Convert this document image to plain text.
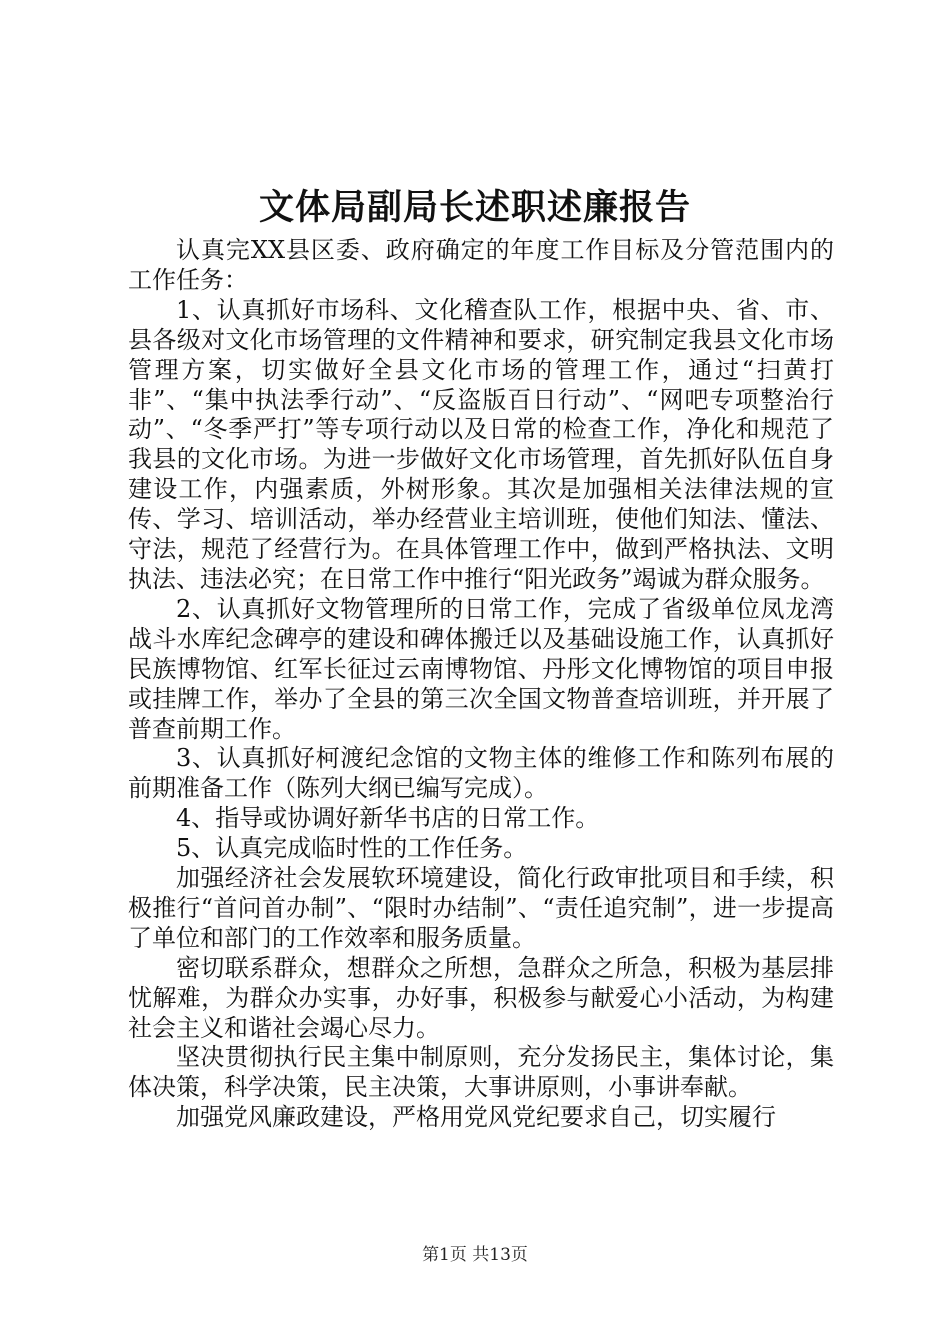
文体局副局长述职述廉报告

认真完XX县区委、政府确定的年度工作目标及分管范围内的工作任务：

1、认真抓好市场科、文化稽查队工作，根据中央、省、市、县各级对文化市场管理的文件精神和要求，研究制定我县文化市场管理方案，切实做好全县文化市场的管理工作，通过“扫黄打非”、“集中执法季行动”、“反盗版百日行动”、“网吧专项整治行动”、“冬季严打”等专项行动以及日常的检查工作，净化和规范了我县的文化市场。为进一步做好文化市场管理，首先抓好队伍自身建设工作，内强素质，外树形象。其次是加强相关法律法规的宣传、学习、培训活动，举办经营业主培训班，使他们知法、懂法、守法，规范了经营行为。在具体管理工作中，做到严格执法、文明执法、违法必究；在日常工作中推行“阳光政务”竭诚为群众服务。

2、认真抓好文物管理所的日常工作，完成了省级单位凤龙湾战斗水库纪念碑亭的建设和碑体搬迁以及基础设施工作，认真抓好民族博物馆、红军长征过云南博物馆、丹彤文化博物馆的项目申报或挂牌工作，举办了全县的第三次全国文物普查培训班，并开展了普查前期工作。

3、认真抓好柯渡纪念馆的文物主体的维修工作和陈列布展的前期准备工作（陈列大纲已编写完成）。

4、指导或协调好新华书店的日常工作。

5、认真完成临时性的工作任务。

加强经济社会发展软环境建设，简化行政审批项目和手续，积极推行“首问首办制”、“限时办结制”、“责任追究制”，进一步提高了单位和部门的工作效率和服务质量。

密切联系群众，想群众之所想，急群众之所急，积极为基层排忧解难，为群众办实事，办好事，积极参与献爱心小活动，为构建社会主义和谐社会竭心尽力。

坚决贯彻执行民主集中制原则，充分发扬民主，集体讨论，集体决策，科学决策，民主决策，大事讲原则，小事讲奉献。

加强党风廉政建设，严格用党风党纪要求自己，切实履行

第1页 共13页
